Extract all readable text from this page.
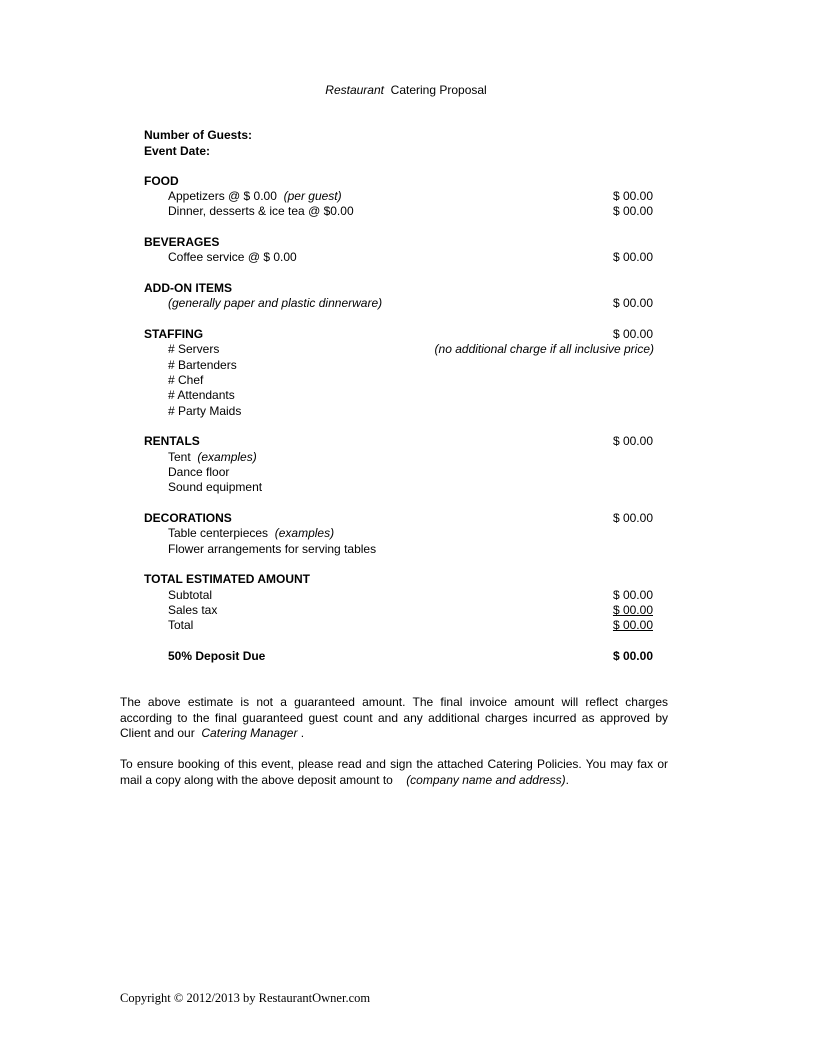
Restaurant Catering Proposal
Number of Guests:
Event Date:
FOOD
Appetizers @ $ 0.00 (per guest)	$ 00.00
Dinner, desserts & ice tea @ $0.00	$ 00.00
BEVERAGES
Coffee service @ $ 0.00	$ 00.00
ADD-ON ITEMS
(generally paper and plastic dinnerware)	$ 00.00
STAFFING	$ 00.00
(no additional charge if all inclusive price)
# Servers
# Bartenders
# Chef
# Attendants
# Party Maids
RENTALS	$ 00.00
Tent (examples)
Dance floor
Sound equipment
DECORATIONS	$ 00.00
Table centerpieces (examples)
Flower arrangements for serving tables
TOTAL ESTIMATED AMOUNT
Subtotal	$ 00.00
Sales tax	$ 00.00
Total	$ 00.00
50% Deposit Due	$ 00.00
The above estimate is not a guaranteed amount. The final invoice amount will reflect charges according to the final guaranteed guest count and any additional charges incurred as approved by Client and our Catering Manager .
To ensure booking of this event, please read and sign the attached Catering Policies. You may fax or mail a copy along with the above deposit amount to (company name and address).
Copyright © 2012/2013 by RestaurantOwner.com
